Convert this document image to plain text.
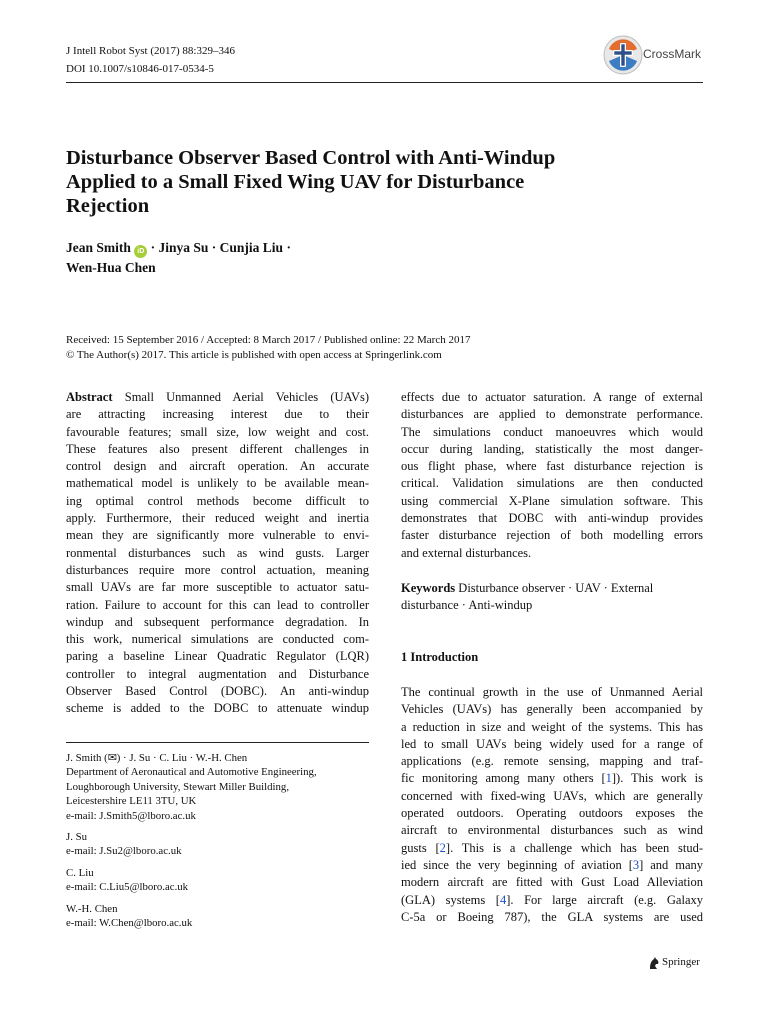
J Intell Robot Syst (2017) 88:329–346
DOI 10.1007/s10846-017-0534-5
CrossMark
Disturbance Observer Based Control with Anti-Windup
Applied to a Small Fixed Wing UAV for Disturbance
Rejection
Jean Smith iD · Jinya Su · Cunjia Liu ·
Wen-Hua Chen
Received: 15 September 2016 / Accepted: 8 March 2017 / Published online: 22 March 2017
© The Author(s) 2017. This article is published with open access at Springerlink.com
Abstract Small Unmanned Aerial Vehicles (UAVs)
are attracting increasing interest due to their
favourable features; small size, low weight and cost.
These features also present different challenges in
control design and aircraft operation. An accurate
mathematical model is unlikely to be available mean-
ing optimal control methods become difficult to
apply. Furthermore, their reduced weight and inertia
mean they are significantly more vulnerable to envi-
ronmental disturbances such as wind gusts. Larger
disturbances require more control actuation, meaning
small UAVs are far more susceptible to actuator satu-
ration. Failure to account for this can lead to controller
windup and subsequent performance degradation. In
this work, numerical simulations are conducted com-
paring a baseline Linear Quadratic Regulator (LQR)
controller to integral augmentation and Disturbance
Observer Based Control (DOBC). An anti-windup
scheme is added to the DOBC to attenuate windup
effects due to actuator saturation. A range of external
disturbances are applied to demonstrate performance.
The simulations conduct manoeuvres which would
occur during landing, statistically the most danger-
ous flight phase, where fast disturbance rejection is
critical. Validation simulations are then conducted
using commercial X-Plane simulation software. This
demonstrates that DOBC with anti-windup provides
faster disturbance rejection of both modelling errors
and external disturbances.
Keywords Disturbance observer · UAV · External
disturbance · Anti-windup
J. Smith (✉) · J. Su · C. Liu · W.-H. Chen
Department of Aeronautical and Automotive Engineering,
Loughborough University, Stewart Miller Building,
Leicestershire LE11 3TU, UK
e-mail: J.Smith5@lboro.ac.uk
J. Su
e-mail: J.Su2@lboro.ac.uk
C. Liu
e-mail: C.Liu5@lboro.ac.uk
W.-H. Chen
e-mail: W.Chen@lboro.ac.uk
1 Introduction
The continual growth in the use of Unmanned Aerial
Vehicles (UAVs) has generally been accompanied by
a reduction in size and weight of the systems. This has
led to small UAVs being widely used for a range of
applications (e.g. remote sensing, mapping and traf-
fic monitoring among many others [1]). This work is
concerned with fixed-wing UAVs, which are generally
operated outdoors. Operating outdoors exposes the
aircraft to environmental disturbances such as wind
gusts [2]. This is a challenge which has been stud-
ied since the very beginning of aviation [3] and many
modern aircraft are fitted with Gust Load Alleviation
(GLA) systems [4]. For large aircraft (e.g. Galaxy
C-5a or Boeing 787), the GLA systems are used
Springer
